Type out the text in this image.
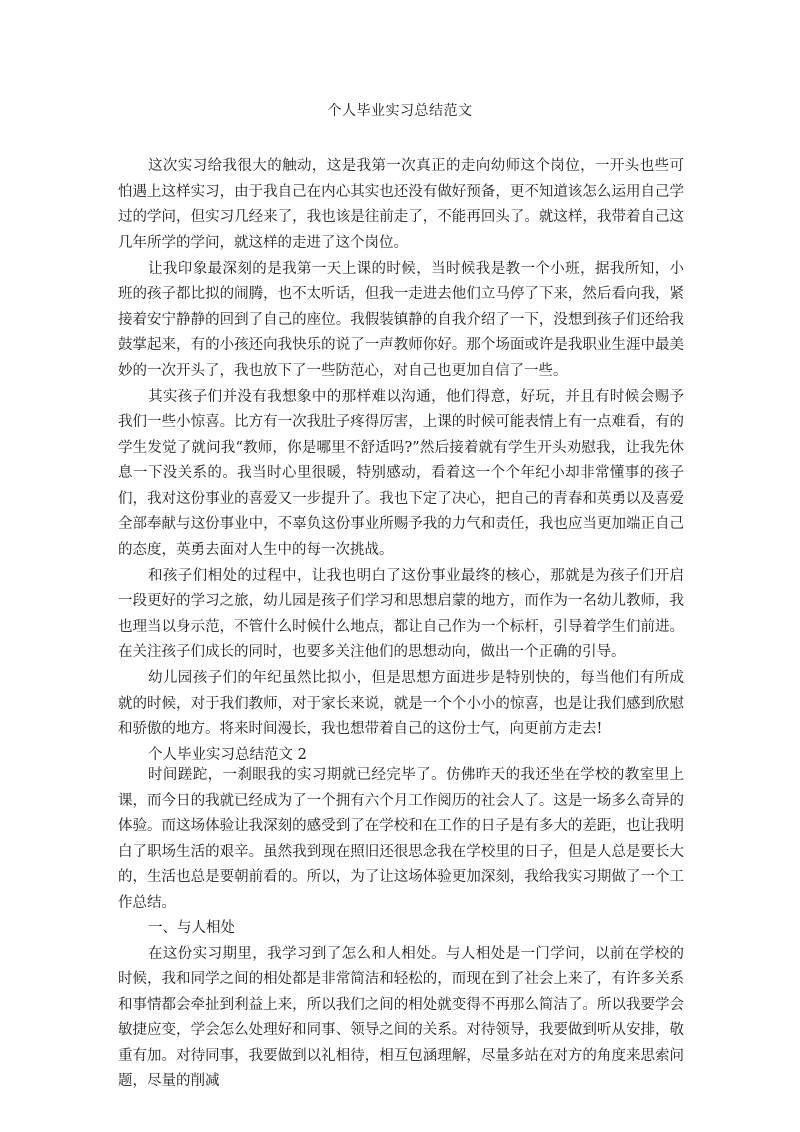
个人毕业实习总结范文

这次实习给我很大的触动，这是我第一次真正的走向幼师这个岗位，一开头也些可怕遇上这样实习，由于我自己在内心其实也还没有做好预备，更不知道该怎么运用自己学过的学问，但实习几经来了，我也该是往前走了，不能再回头了。就这样，我带着自己这几年所学的学问，就这样的走进了这个岗位。

让我印象最深刻的是我第一天上课的时候，当时候我是教一个小班，据我所知，小班的孩子都比拟的闹腾，也不太听话，但我一走进去他们立马停了下来，然后看向我，紧接着安宁静静的回到了自己的座位。我假装镇静的自我介绍了一下，没想到孩子们还给我鼓掌起来，有的小孩还向我快乐的说了一声教师你好。那个场面或许是我职业生涯中最美妙的一次开头了，我也放下了一些防范心，对自己也更加自信了一些。

其实孩子们并没有我想象中的那样难以沟通，他们得意，好玩，并且有时候会赐予我们一些小惊喜。比方有一次我肚子疼得厉害，上课的时候可能表情上有一点难看，有的学生发觉了就问我“教师，你是哪里不舒适吗?”然后接着就有学生开头劝慰我，让我先休息一下没关系的。我当时心里很暖，特别感动，看着这一个个年纪小却非常懂事的孩子们，我对这份事业的喜爱又一步提升了。我也下定了决心，把自己的青春和英勇以及喜爱全部奉献与这份事业中，不辜负这份事业所赐予我的力气和责任，我也应当更加端正自己的态度，英勇去面对人生中的每一次挑战。

和孩子们相处的过程中，让我也明白了这份事业最终的核心，那就是为孩子们开启一段更好的学习之旅，幼儿园是孩子们学习和思想启蒙的地方，而作为一名幼儿教师，我也理当以身示范，不管什么时候什么地点，都让自己作为一个标杆，引导着学生们前进。在关注孩子们成长的同时，也要多关注他们的思想动向，做出一个正确的引导。

幼儿园孩子们的年纪虽然比拟小，但是思想方面进步是特别快的，每当他们有所成就的时候，对于我们教师，对于家长来说，就是一个个小小的惊喜，也是让我们感到欣慰和骄傲的地方。将来时间漫长，我也想带着自己的这份士气，向更前方走去!

个人毕业实习总结范文 2

时间蹉跎，一刹眼我的实习期就已经完毕了。仿佛昨天的我还坐在学校的教室里上课，而今日的我就已经成为了一个拥有六个月工作阅历的社会人了。这是一场多么奇异的体验。而这场体验让我深刻的感受到了在学校和在工作的日子是有多大的差距，也让我明白了职场生活的艰辛。虽然我到现在照旧还很思念我在学校里的日子，但是人总是要长大的，生活也总是要朝前看的。所以，为了让这场体验更加深刻，我给我实习期做了一个工作总结。

一、与人相处

在这份实习期里，我学习到了怎么和人相处。与人相处是一门学问，以前在学校的时候，我和同学之间的相处都是非常简洁和轻松的，而现在到了社会上来了，有许多关系和事情都会牵扯到利益上来，所以我们之间的相处就变得不再那么简洁了。所以我要学会敏捷应变，学会怎么处理好和同事、领导之间的关系。对待领导，我要做到听从安排，敬重有加。对待同事，我要做到以礼相待，相互包涵理解，尽量多站在对方的角度来思索问题，尽量的削减
